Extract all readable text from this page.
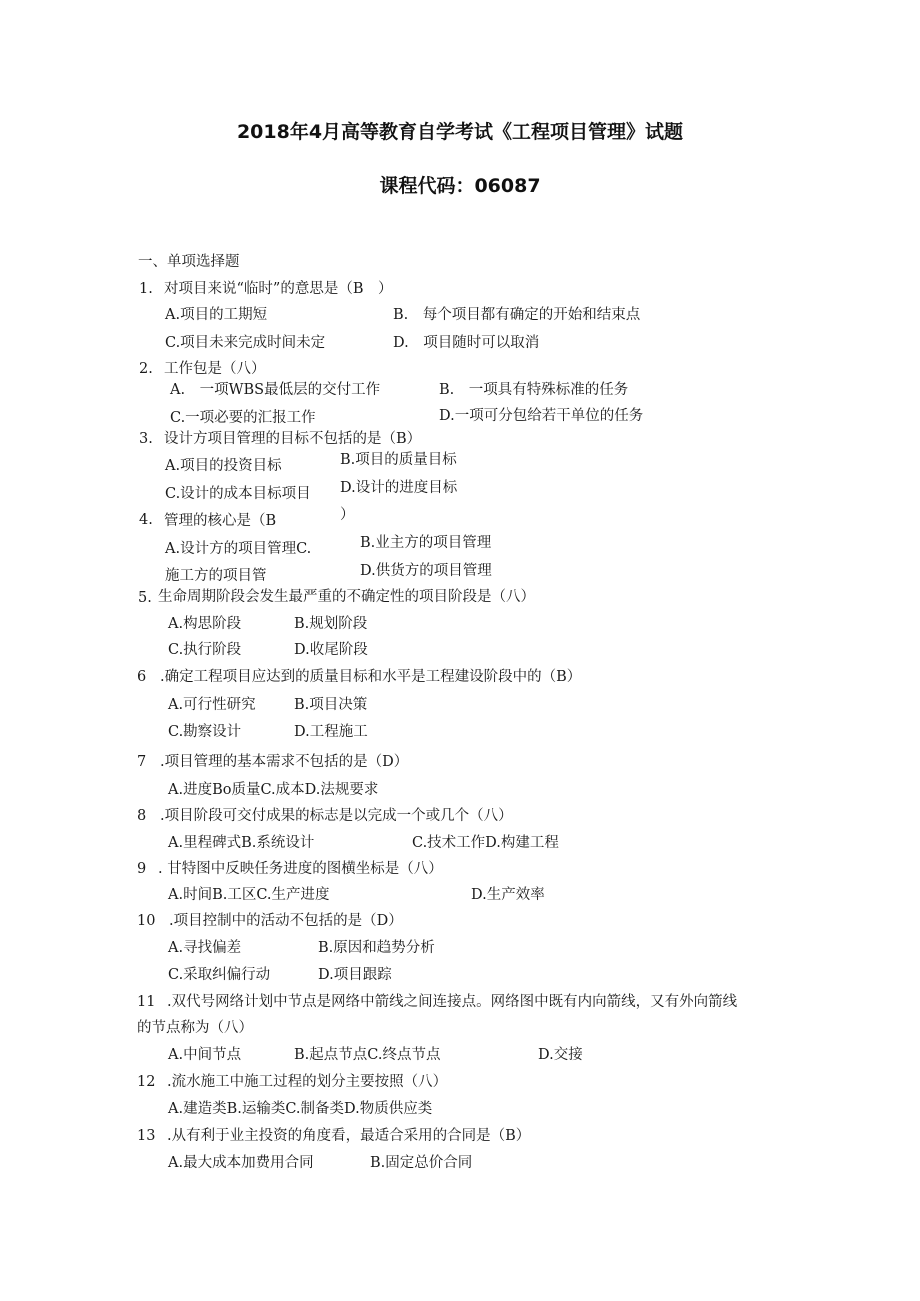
2018年4月高等教育自学考试《工程项目管理》试题
课程代码：06087
一、单项选择题
1. 对项目来说“临时”的意思是（B　）
A.项目的工期短	B.　每个项目都有确定的开始和结束点
C.项目未来完成时间未定	D.　项目随时可以取消
2. 工作包是（八）
A.　一项WBS最低层的交付工作	B.　一项具有特殊标准的任务
C.一项必要的汇报工作	D.一项可分包给若干单位的任务
3. 设计方项目管理的目标不包括的是（B）
A.项目的投资目标	B.项目的质量目标
C.设计的成本目标项目 D.设计的进度目标
4. 管理的核心是（B	）
A.设计方的项目管理C.	B.业主方的项目管理
施工方的项目管	D.供货方的项目管理
5. 生命周期阶段会发生最严重的不确定性的项目阶段是（八）
A.构思阶段	B.规划阶段
C.执行阶段	D.收尾阶段
6 .确定工程项目应达到的质量目标和水平是工程建设阶段中的（B）
A.可行性研究	B.项目决策
C.勘察设计	D.工程施工
7 .项目管理的基本需求不包括的是（D）
A.进度Bo质量C.成本D.法规要求
8 .项目阶段可交付成果的标志是以完成一个或几个（八）
A.里程碑式B.系统设计	C.技术工作D.构建工程
9 . 甘特图中反映任务进度的图横坐标是（八）
A.时间B.工区C.生产进度	D.生产效率
10 .项目控制中的活动不包括的是（D）
A.寻找偏差	B.原因和趋势分析
C.采取纠偏行动	D.项目跟踪
11 .双代号网络计划中节点是网络中箭线之间连接点。网络图中既有内向箭线，又有外向箭线
的节点称为（八）
A.中间节点	B.起点节点C.终点节点	D.交接
12 .流水施工中施工过程的划分主要按照（八）
A.建造类B.运输类C.制备类D.物质供应类
13 .从有利于业主投资的角度看，最适合采用的合同是（B）
A.最大成本加费用合同	B.固定总价合同
